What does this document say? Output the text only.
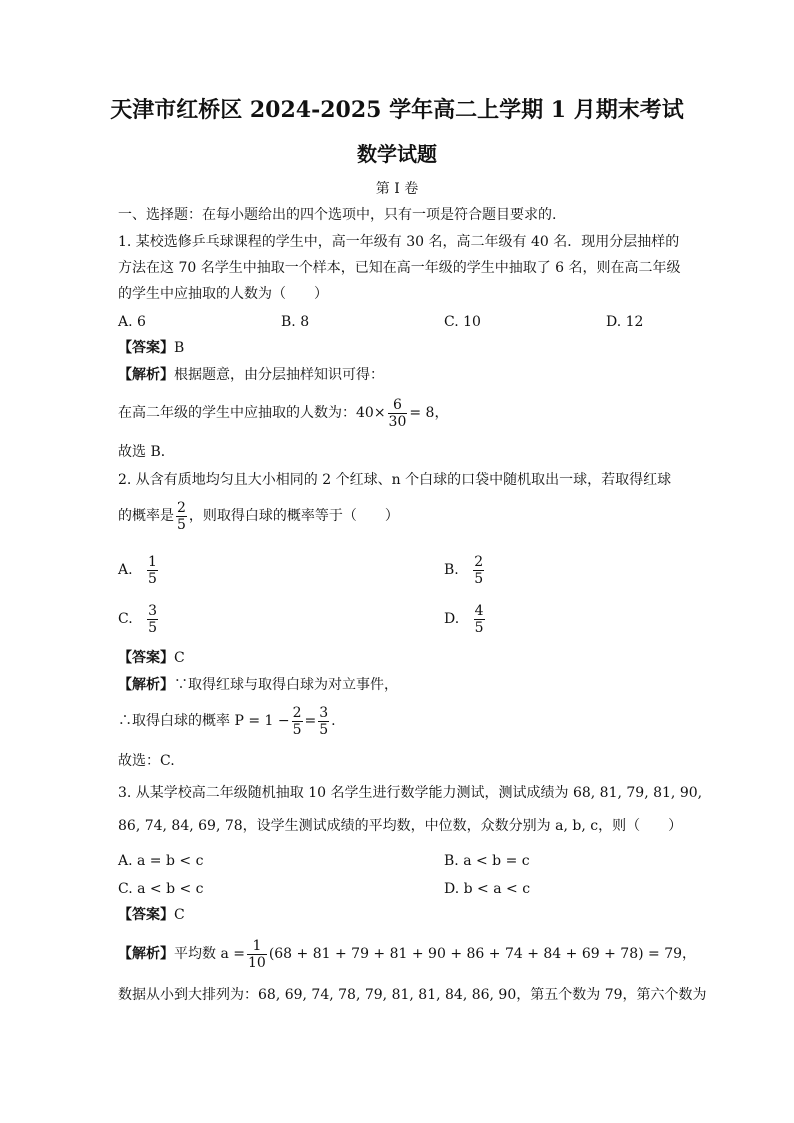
天津市红桥区 2024-2025 学年高二上学期 1 月期末考试
数学试题
第 I 卷
一、选择题：在每小题给出的四个选项中，只有一项是符合题目要求的.
1. 某校选修乒乓球课程的学生中，高一年级有 30 名，高二年级有 40 名．现用分层抽样的
方法在这 70 名学生中抽取一个样本，已知在高一年级的学生中抽取了 6 名，则在高二年级
的学生中应抽取的人数为（　　）
A. 6	B. 8	C. 10	D. 12
【答案】B
【解析】根据题意，由分层抽样知识可得：
在高二年级的学生中应抽取的人数为：$40\times \frac{6}{30} = 8$，
故选 B．
2. 从含有质地均匀且大小相同的 2 个红球、n 个白球的口袋中随机取出一球，若取得红球
的概率是 $\frac{2}{5}$ ，则取得白球的概率等于（　　）
A. $\frac{1}{5}$	B. $\frac{2}{5}$
C. $\frac{3}{5}$	D. $\frac{4}{5}$
【答案】C
【解析】∵取得红球与取得白球为对立事件，
∴取得白球的概率 $P = 1 - \frac{2}{5} = \frac{3}{5}$ .
故选：C.
3. 从某学校高二年级随机抽取 10 名学生进行数学能力测试，测试成绩为 68, 81, 79, 81, 90,
86, 74, 84, 69, 78，设学生测试成绩的平均数，中位数，众数分别为 a, b, c，则（　　）
A. a = b < c	B. a < b = c
C. a < b < c	D. b < a < c
【答案】C
【解析】平均数 $a = \frac{1}{10} (68 + 81 + 79 + 81 + 90 + 86 + 74 + 84 + 69 + 78) = 79$，
数据从小到大排列为：68, 69, 74, 78, 79, 81, 81, 84, 86, 90，第五个数为 79，第六个数为
